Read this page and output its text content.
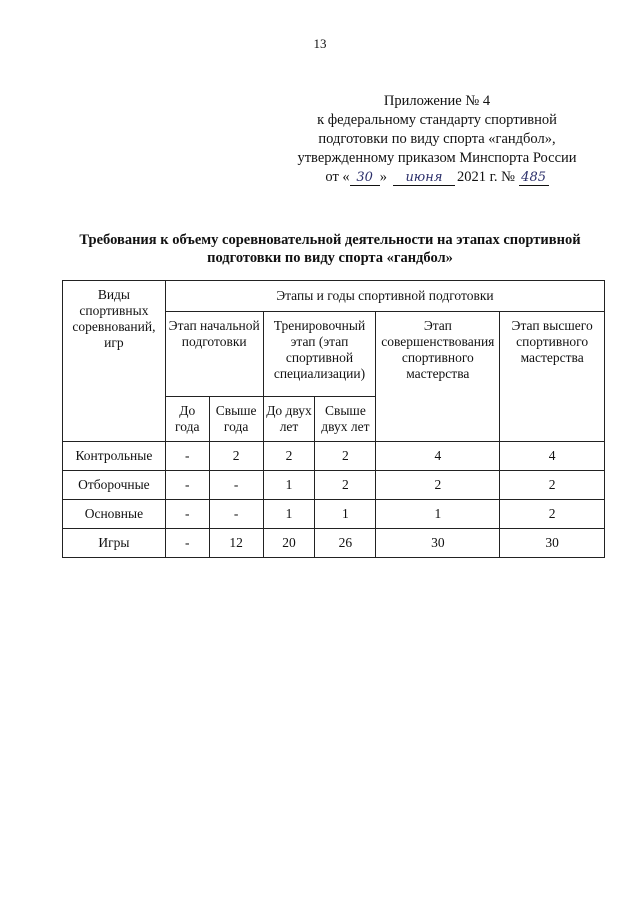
13
Приложение № 4
к федеральному стандарту спортивной
подготовки по виду спорта «гандбол»,
утвержденному приказом Минспорта России
от « 30 » июня 2021 г. № 485
Требования к объему соревновательной деятельности на этапах спортивной
подготовки по виду спорта «гандбол»
Виды спортивных соревнований, игр	Этапы и годы спортивной подготовки					
	Этап начальной подготовки		Тренировочный этап (этап спортивной специализации)		Этап совершенствования спортивного мастерства	Этап высшего спортивного мастерства
	До года	Свыше года	До двух лет	Свыше двух лет		
Контрольные	-	2	2	2	4	4
Отборочные	-	-	1	2	2	2
Основные	-	-	1	1	1	2
Игры	-	12	20	26	30	30
